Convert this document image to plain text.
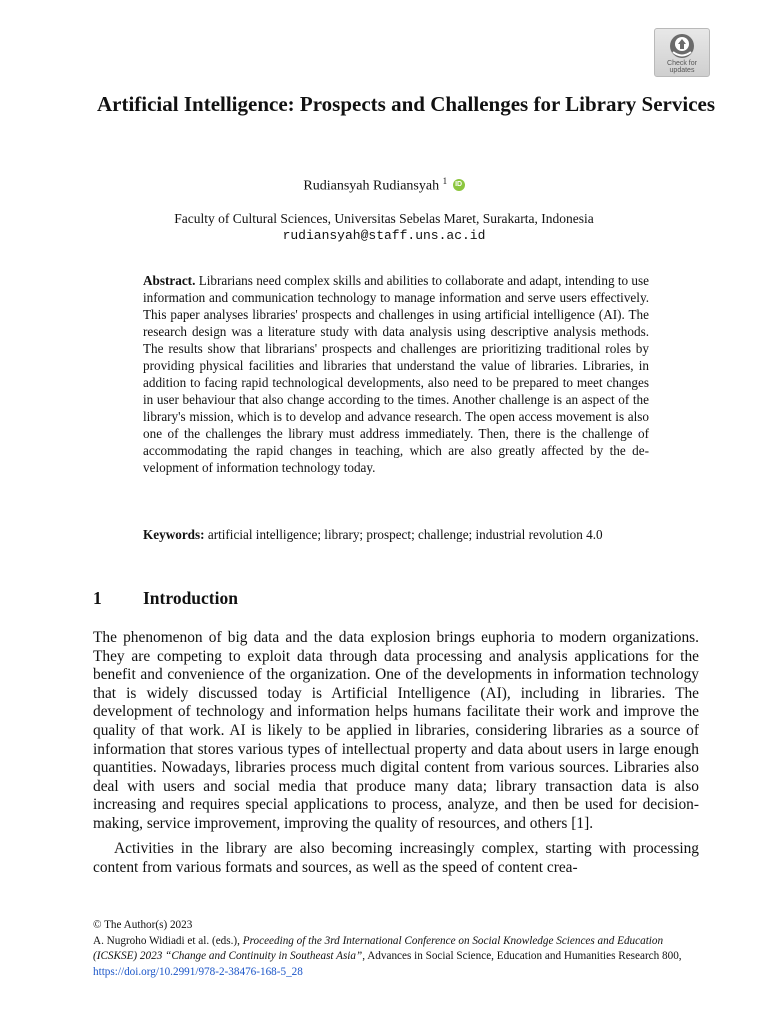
Check for
updates
Artificial Intelligence: Prospects and Challenges for Library Services
Rudiansyah Rudiansyah $^1$	ID
Faculty of Cultural Sciences, Universitas Sebelas Maret, Surakarta, Indonesia
rudiansyah@staff.uns.ac.id

Abstract. Librarians need complex skills and abilities to collaborate and adapt, intending to use information and communication technology to manage information and serve users effectively. This paper analyses libraries' prospects and challenges in using artificial intelligence (AI). The research design was a literature study with data analysis using descriptive analysis methods. The results show that librarians' prospects and challenges are prioritizing traditional roles by providing physical facilities and libraries that understand the value of libraries. Libraries, in addition to facing rapid technological developments, also need to be prepared to meet changes in user behaviour that also change according to the times. Another challenge is an aspect of the library's mission, which is to develop and advance research. The open access movement is also one of the challenges the library must address immediately. Then, there is the challenge of accommodating the rapid changes in teaching, which are also greatly affected by the development of information technology today.

Keywords: artificial intelligence; library; prospect; challenge; industrial revolution 4.0

1 Introduction

The phenomenon of big data and the data explosion brings euphoria to modern organizations. They are competing to exploit data through data processing and analysis applications for the benefit and convenience of the organization. One of the developments in information technology that is widely discussed today is Artificial Intelligence (AI), including in libraries. The development of technology and information helps humans facilitate their work and improve the quality of that work. AI is likely to be applied in libraries, considering libraries as a source of information that stores various types of intellectual property and data about users in large enough quantities. Nowadays, libraries process much digital content from various sources. Libraries also deal with users and social media that produce many data; library transaction data is also increasing and requires special applications to process, analyze, and then be used for decision-making, service improvement, improving the quality of resources, and others [1].

Activities in the library are also becoming increasingly complex, starting with processing content from various formats and sources, as well as the speed of content crea-

© The Author(s) 2023
A. Nugroho Widiadi et al. (eds.), Proceeding of the 3rd International Conference on Social Knowledge Sciences and Education (ICSKSE) 2023 “Change and Continuity in Southeast Asia”, Advances in Social Science, Education and Humanities Research 800, https://doi.org/10.2991/978-2-38476-168-5_28
